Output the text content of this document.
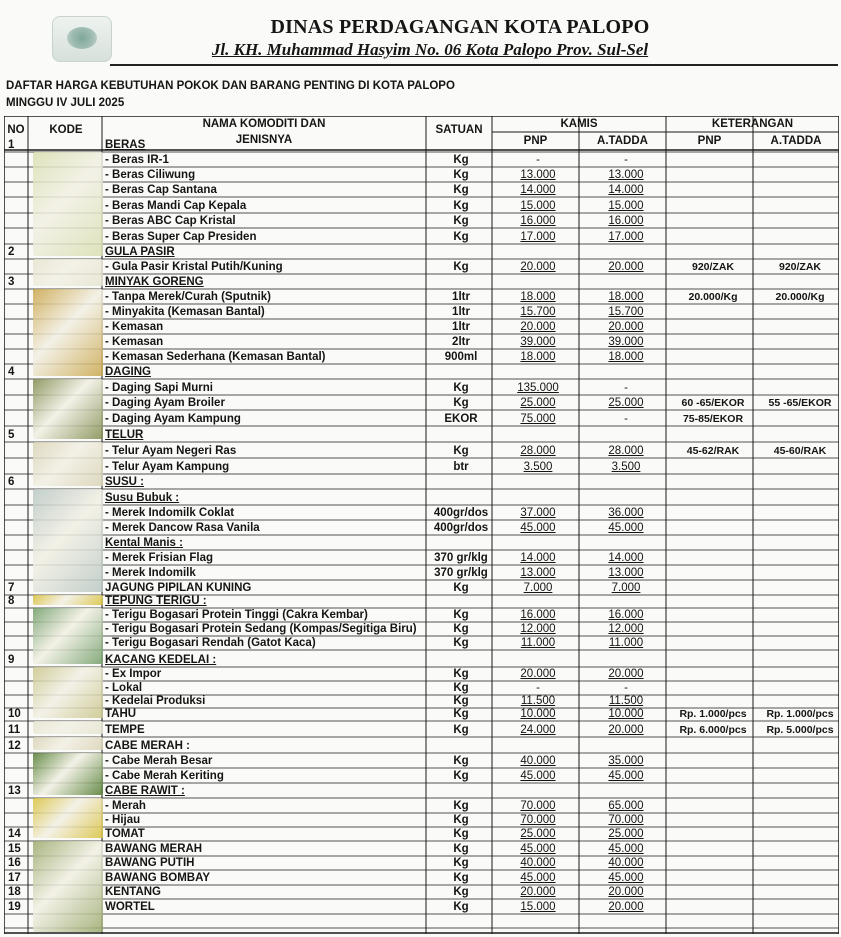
DINAS PERDAGANGAN KOTA PALOPO
Jl. KH. Muhammad Hasyim No. 06 Kota Palopo Prov. Sul-Sel
DAFTAR HARGA KEBUTUHAN POKOK DAN BARANG PENTING DI KOTA PALOPO
MINGGU IV JULI 2025
NO	KODE	NAMA KOMODITI DAN
JENISNYA
SATUAN	KAMIS	KETERANGAN
PNP	A.TADDA	PNP	A.TADDA
1	BERAS
- Beras IR-1	Kg	-	-
- Beras Ciliwung	Kg	13.000	13.000
- Beras Cap Santana	Kg	14.000	14.000
- Beras Mandi Cap Kepala	Kg	15.000	15.000
- Beras ABC Cap Kristal	Kg	16.000	16.000
- Beras Super Cap Presiden	Kg	17.000	17.000
2	GULA PASIR
- Gula Pasir Kristal Putih/Kuning	Kg	20.000	20.000	920/ZAK	920/ZAK
3	MINYAK GORENG
- Tanpa Merek/Curah (Sputnik)	1ltr	18.000	18.000	20.000/Kg	20.000/Kg
- Minyakita (Kemasan Bantal)	1ltr	15.700	15.700
- Kemasan	1ltr	20.000	20.000
- Kemasan	2ltr	39.000	39.000
- Kemasan Sederhana (Kemasan Bantal)	900ml	18.000	18.000
4	DAGING
- Daging Sapi Murni	Kg	135.000	-
- Daging Ayam Broiler	Kg	25.000	25.000	60 -65/EKOR	55 -65/EKOR
- Daging Ayam Kampung	EKOR	75.000	-	75-85/EKOR
5	TELUR
- Telur Ayam Negeri Ras	Kg	28.000	28.000	45-62/RAK	45-60/RAK
- Telur Ayam Kampung	btr	3.500	3.500
6	SUSU :
Susu Bubuk :
- Merek Indomilk Coklat	400gr/dos	37.000	36.000
- Merek Dancow Rasa Vanila	400gr/dos	45.000	45.000
Kental Manis :
- Merek Frisian Flag	370 gr/klg	14.000	14.000
- Merek Indomilk	370 gr/klg	13.000	13.000
7	JAGUNG PIPILAN KUNING	Kg	7.000	7.000
8	TEPUNG TERIGU :
- Terigu Bogasari Protein Tinggi (Cakra Kembar)	Kg	16.000	16.000
- Terigu Bogasari Protein Sedang (Kompas/Segitiga Biru)	Kg	12.000	12.000
- Terigu Bogasari Rendah (Gatot Kaca)	Kg	11.000	11.000
9	KACANG KEDELAI :
- Ex Impor	Kg	20.000	20.000
- Lokal	Kg	-	-
- Kedelai Produksi	Kg	11.500	11.500
10	TAHU	Kg	10.000	10.000	Rp. 1.000/pcs	Rp. 1.000/pcs
11	TEMPE	Kg	24.000	20.000	Rp. 6.000/pcs	Rp. 5.000/pcs
12	CABE MERAH :
- Cabe Merah Besar	Kg	40.000	35.000
- Cabe Merah Keriting	Kg	45.000	45.000
13	CABE RAWIT :
- Merah	Kg	70.000	65.000
- Hijau	Kg	70.000	70.000
14	TOMAT	Kg	25.000	25.000
15	BAWANG MERAH	Kg	45.000	45.000
16	BAWANG PUTIH	Kg	40.000	40.000
17	BAWANG BOMBAY	Kg	45.000	45.000
18	KENTANG	Kg	20.000	20.000
19	WORTEL	Kg	15.000	20.000
